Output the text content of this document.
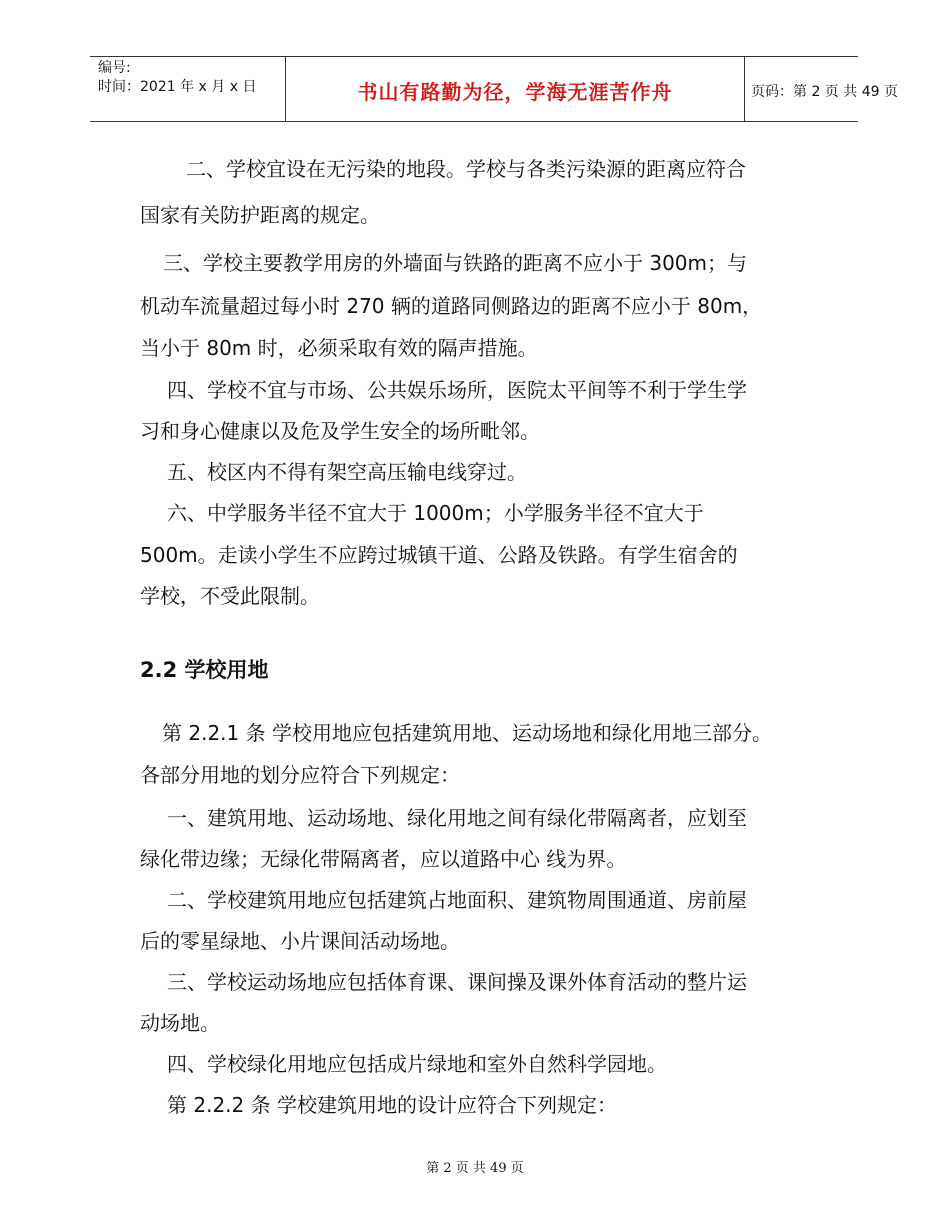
编号:
时间：2021 年 x 月 x 日	书山有路勤为径，学海无涯苦作舟	页码：第 2 页 共 49 页
二、学校宜设在无污染的地段。学校与各类污染源的距离应符合
国家有关防护距离的规定。
三、学校主要教学用房的外墙面与铁路的距离不应小于 300m；与
机动车流量超过每小时 270 辆的道路同侧路边的距离不应小于 80m，
当小于 80m 时，必须采取有效的隔声措施。
四、学校不宜与市场、公共娱乐场所，医院太平间等不利于学生学
习和身心健康以及危及学生安全的场所毗邻。
五、校区内不得有架空高压输电线穿过。
六、中学服务半径不宜大于 1000m；小学服务半径不宜大于
500m。走读小学生不应跨过城镇干道、公路及铁路。有学生宿舍的
学校，不受此限制。
2.2 学校用地
第 2.2.1 条 学校用地应包括建筑用地、运动场地和绿化用地三部分。
各部分用地的划分应符合下列规定：
一、建筑用地、运动场地、绿化用地之间有绿化带隔离者，应划至
绿化带边缘；无绿化带隔离者，应以道路中心 线为界。
二、学校建筑用地应包括建筑占地面积、建筑物周围通道、房前屋
后的零星绿地、小片课间活动场地。
三、学校运动场地应包括体育课、课间操及课外体育活动的整片运
动场地。
四、学校绿化用地应包括成片绿地和室外自然科学园地。
第 2.2.2 条 学校建筑用地的设计应符合下列规定：
第 2 页 共 49 页
